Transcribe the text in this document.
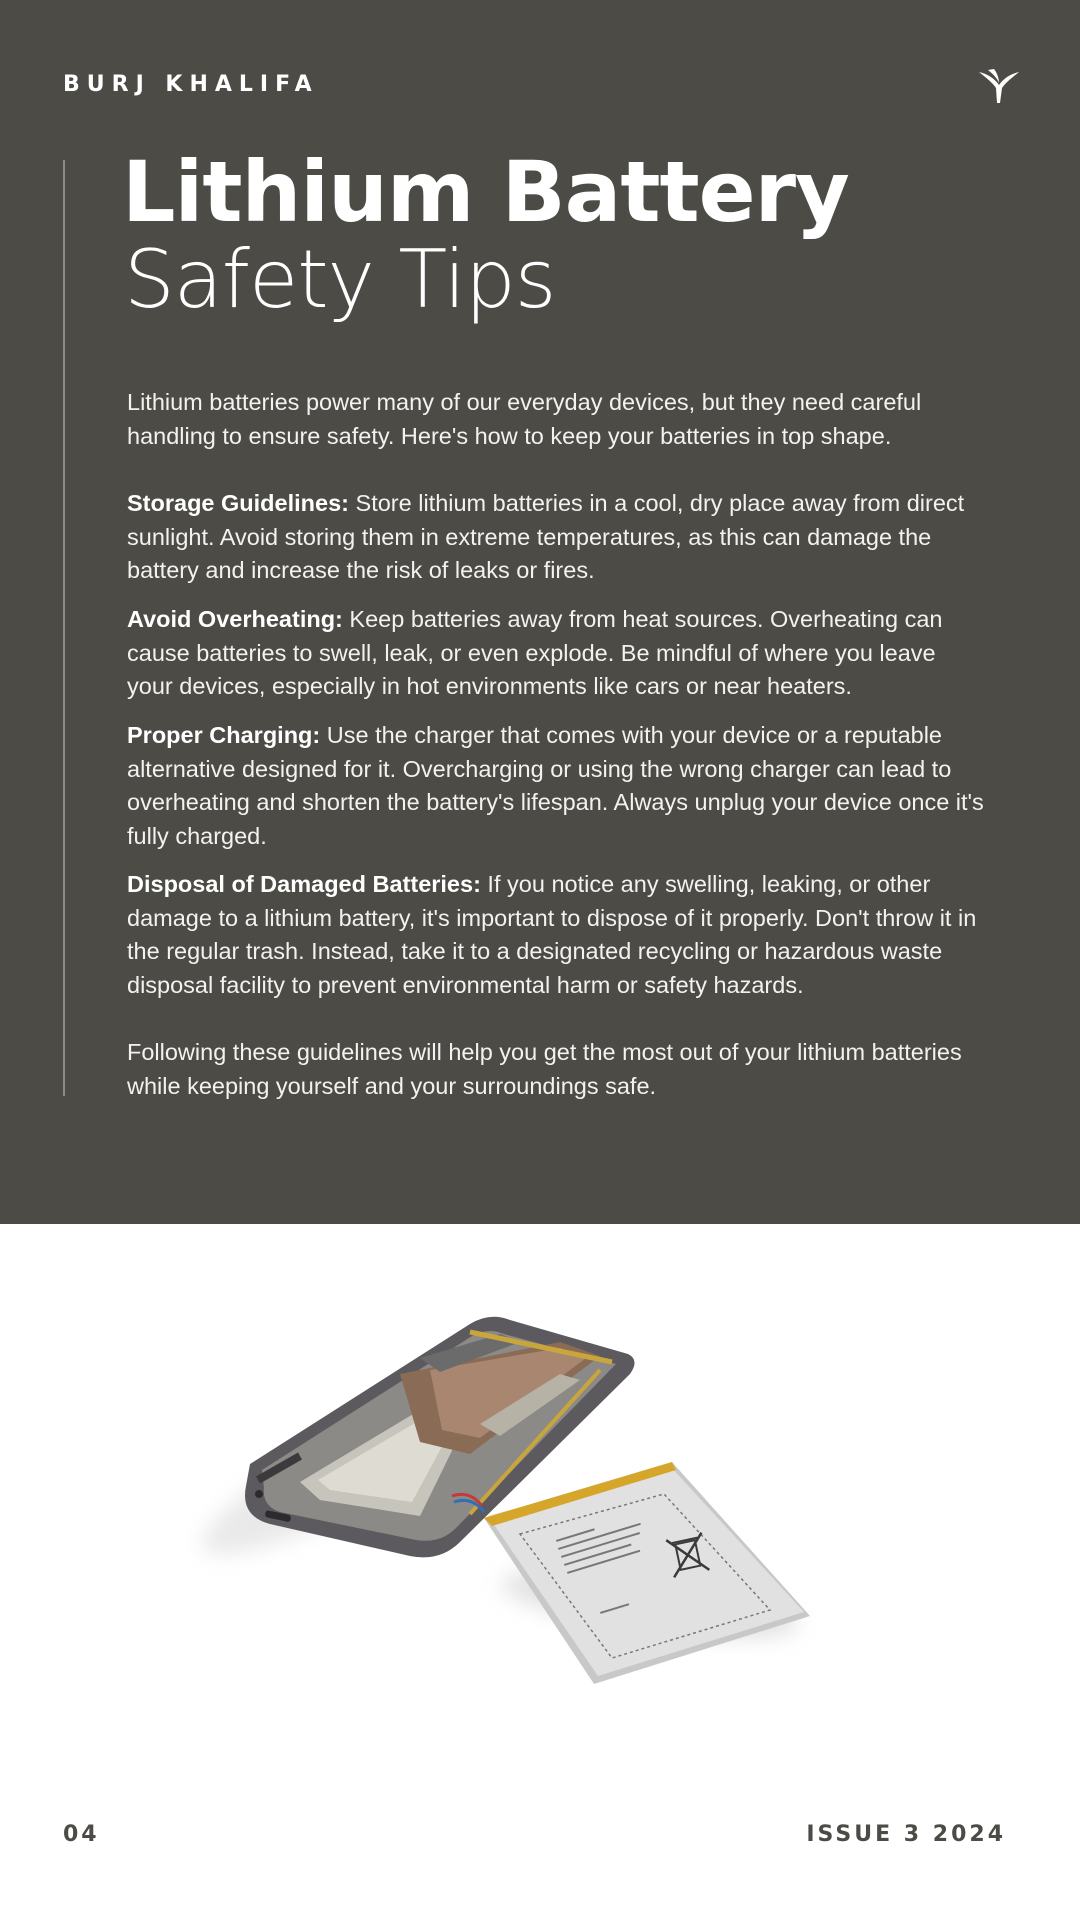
BURJ KHALIFA
Lithium Battery
Safety Tips

Lithium batteries power many of our everyday devices, but they need careful handling to ensure safety. Here's how to keep your batteries in top shape.

Storage Guidelines: Store lithium batteries in a cool, dry place away from direct sunlight. Avoid storing them in extreme temperatures, as this can damage the battery and increase the risk of leaks or fires.

Avoid Overheating: Keep batteries away from heat sources. Overheating can cause batteries to swell, leak, or even explode. Be mindful of where you leave your devices, especially in hot environments like cars or near heaters.

Proper Charging: Use the charger that comes with your device or a reputable alternative designed for it. Overcharging or using the wrong charger can lead to overheating and shorten the battery's lifespan. Always unplug your device once it's fully charged.

Disposal of Damaged Batteries: If you notice any swelling, leaking, or other damage to a lithium battery, it's important to dispose of it properly. Don't throw it in the regular trash. Instead, take it to a designated recycling or hazardous waste disposal facility to prevent environmental harm or safety hazards.

Following these guidelines will help you get the most out of your lithium batteries while keeping yourself and your surroundings safe.

04	ISSUE 3 2024
